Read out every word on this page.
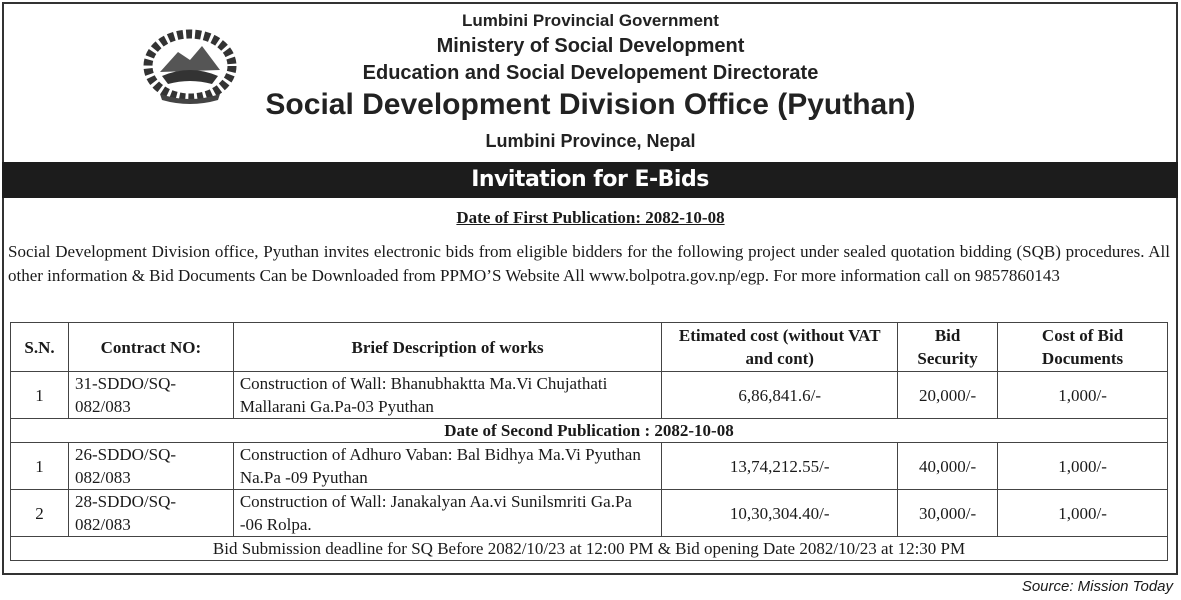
Lumbini Provincial Government
Ministery of Social Development
Education and Social Developement Directorate
Social Development Division Office (Pyuthan)
Lumbini Province, Nepal
Invitation for E-Bids
Date of First Publication: 2082-10-08
Social Development Division office, Pyuthan invites electronic bids from eligible bidders for the following project under sealed quotation bidding (SQB) procedures. All other information & Bid Documents Can be Downloaded from PPMO’S Website All www.bolpotra.gov.np/egp. For more information call on 9857860143
S.N.	Contract NO:	Brief Description of works	Etimated cost (without VAT and cont)	Bid Security	Cost of Bid Documents
1	31-SDDO/SQ-082/083	Construction of Wall: Bhanubhaktta Ma.Vi Chujathati Mallarani Ga.Pa-03 Pyuthan	6,86,841.6/-	20,000/-	1,000/-
Date of Second Publication : 2082-10-08					
1	26-SDDO/SQ-082/083	Construction of Adhuro Vaban: Bal Bidhya Ma.Vi Pyuthan Na.Pa -09 Pyuthan	13,74,212.55/-	40,000/-	1,000/-
2	28-SDDO/SQ-082/083	Construction of Wall: Janakalyan Aa.vi Sunilsmriti Ga.Pa -06 Rolpa.	10,30,304.40/-	30,000/-	1,000/-
Bid Submission deadline for SQ Before 2082/10/23 at 12:00 PM & Bid opening Date 2082/10/23 at 12:30 PM					
Source: Mission Today
